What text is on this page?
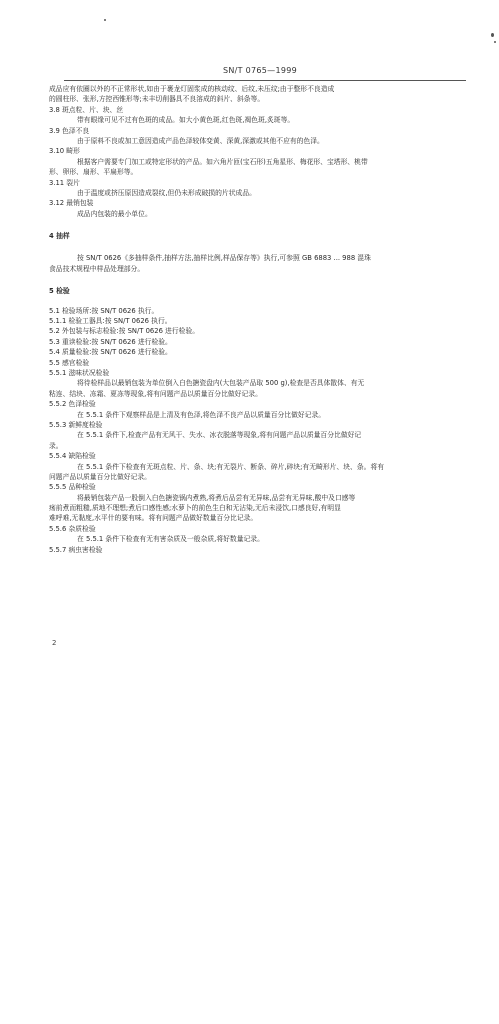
SN/T 0765—1999
成品应有依圈以外的不正常形状,如由于裹龙灯固浆成的核动纹、后纹,未压纹;由于整形不良造成
的圆柱形、张形,方控西锥形等;未丰切削器具不良溶成的斜片、斜条等。
3.8 斑点粒、片、块、丝
带有眼缘可见不过有色斑的成品。如大小黄色斑,红色斑,褐色斑,炙斑等。
3.9 色泽不良
由于原料不良或加工意因造成产品色泽较体变黄、深黄,深激或其他不应有的色泽。
3.10 畸形
根据客户需要专门加工或特定形状的产品。如六角片匝(宝石形)五角星形、梅花形、宝塔形、桃带
形、卵形、扇形、平扁形等。
3.11 裂片
由于温度或挤压原因造成裂纹,但仍未形成破损的片状成品。
3.12 最销包装
成品内包装的最小单位。
4 抽样
按 SN/T 0626《多抽样条件,抽样方法,抽样比例,样品保存等》执行,可参照 GB 6883 ... 988 混珠
食品技术规程中样品处理部分。
5 检验
5.1 检验场所:按 SN/T 0626 执行。
5.1.1 检验工器具:按 SN/T 0626 执行。
5.2 外包装与标志检验:按 SN/T 0626 进行检验。
5.3 重读检验:按 SN/T 0626 进行检验。
5.4 质量检验:按 SN/T 0626 进行检验。
5.5 感官检验
5.5.1 滋味状况检验
将待检样品以最销包装为单位倒入白色搪瓷盘内(大包装产品取 500 g),检查是否具体散体、有无
粘连、结块、冻霜、夏冻等现象,将有问题产品以质量百分比做好记录。
5.5.2 色泽检验
在 5.5.1 条件下观察样品是上清及有色泽,将色泽不良产品以质量百分比做好记录。
5.5.3 新鲜度检验
在 5.5.1 条件下,检查产品有无风干、失水、冰衣脱落等现象,将有问题产品以质量百分比做好记
录。
5.5.4 缺陷检验
在 5.5.1 条件下检查有无斑点粒、片、条、块;有无裂片、断条、碎片,碎块;有无畸形片、块、条。将有
问题产品以质量百分比做好记录。
5.5.5 品种检验
将最销包装产品一股倒入白色搪瓷锅内煮熟,将煮后品尝有无异味,品尝有无异味,酸中及口感等
疡前煮而粗糙,质地不理想;煮后口感性感;水萝卜的前色生白和无沾染,无后未浸饮,口感良好,有明显
难呼难,无黏度,水平什的要有味。将有问题产品做好数量百分比记录。
5.5.6 杂质检验
在 5.5.1 条件下检查有无有害杂质及一般杂质,将好数量记录。
5.5.7 病虫害检验
2
